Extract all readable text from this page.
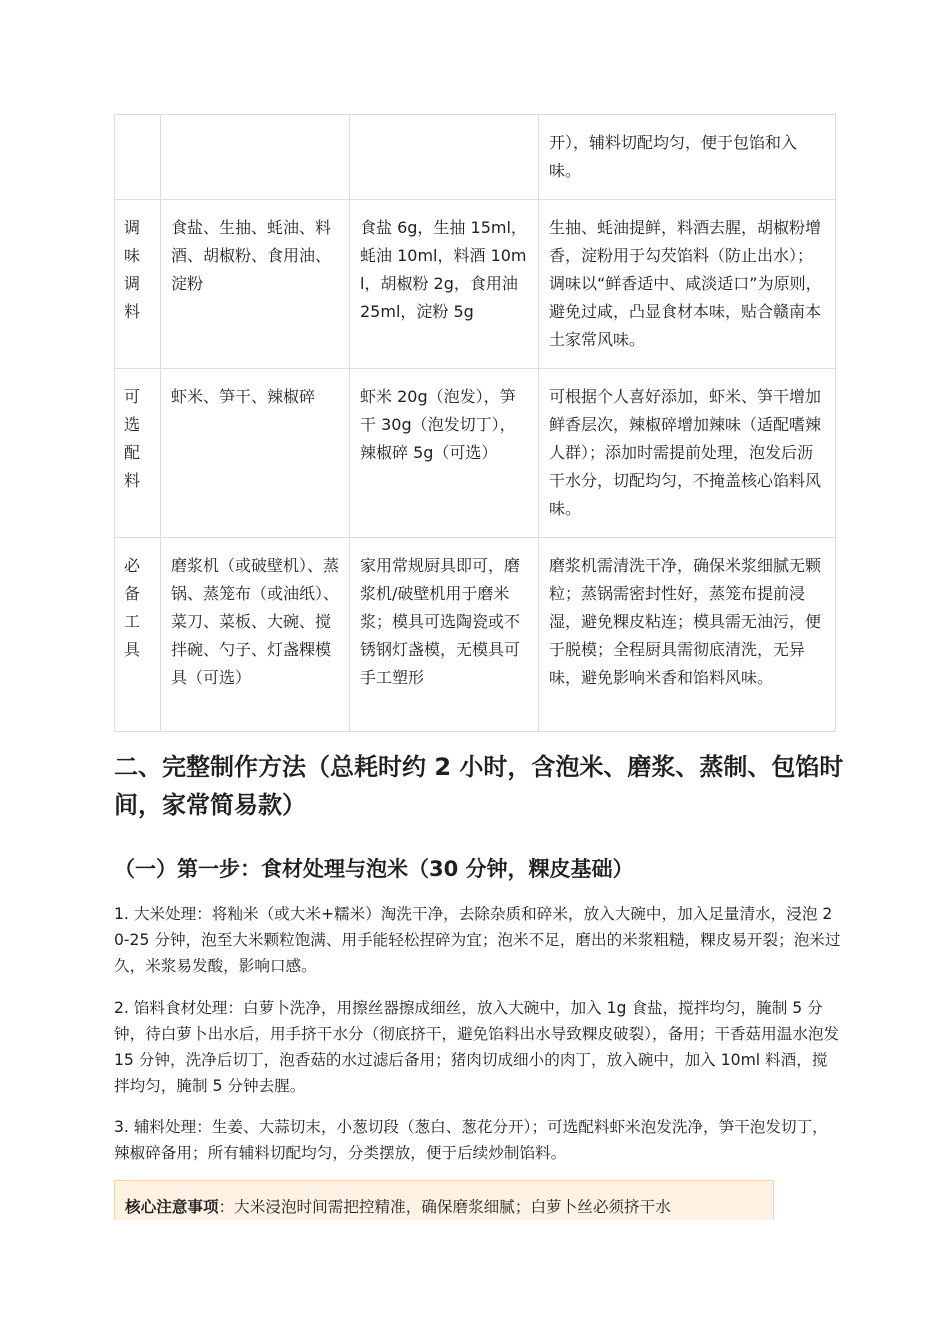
			开），辅料切配均匀，便于包馅和入味。
调味调料	食盐、生抽、蚝油、料酒、胡椒粉、食用油、淀粉	食盐 6g，生抽 15ml，蚝油 10ml，料酒 10ml，胡椒粉 2g，食用油 25ml，淀粉 5g	生抽、蚝油提鲜，料酒去腥，胡椒粉增香，淀粉用于勾芡馅料（防止出水）；调味以“鲜香适中、咸淡适口”为原则，避免过咸，凸显食材本味，贴合赣南本土家常风味。
可选配料	虾米、笋干、辣椒碎	虾米 20g（泡发），笋干 30g（泡发切丁），辣椒碎 5g（可选）	可根据个人喜好添加，虾米、笋干增加鲜香层次，辣椒碎增加辣味（适配嗜辣人群）；添加时需提前处理，泡发后沥干水分，切配均匀，不掩盖核心馅料风味。
必备工具	磨浆机（或破壁机）、蒸锅、蒸笼布（或油纸）、菜刀、菜板、大碗、搅拌碗、勺子、灯盏粿模具（可选）	家用常规厨具即可，磨浆机/破壁机用于磨米浆；模具可选陶瓷或不锈钢灯盏模，无模具可手工塑形	磨浆机需清洗干净，确保米浆细腻无颗粒；蒸锅需密封性好，蒸笼布提前浸湿，避免粿皮粘连；模具需无油污，便于脱模；全程厨具需彻底清洗，无异味，避免影响米香和馅料风味。
二、完整制作方法（总耗时约 2 小时，含泡米、磨浆、蒸制、包馅时间，家常简易款）
（一）第一步：食材处理与泡米（30 分钟，粿皮基础）

1. 大米处理：将籼米（或大米+糯米）淘洗干净，去除杂质和碎米，放入大碗中，加入足量清水，浸泡 20-25 分钟，泡至大米颗粒饱满、用手能轻松捏碎为宜；泡米不足，磨出的米浆粗糙，粿皮易开裂；泡米过久，米浆易发酸，影响口感。

2. 馅料食材处理：白萝卜洗净，用擦丝器擦成细丝，放入大碗中，加入 1g 食盐，搅拌均匀，腌制 5 分钟，待白萝卜出水后，用手挤干水分（彻底挤干，避免馅料出水导致粿皮破裂），备用；干香菇用温水泡发 15 分钟，洗净后切丁，泡香菇的水过滤后备用；猪肉切成细小的肉丁，放入碗中，加入 10ml 料酒，搅拌均匀，腌制 5 分钟去腥。

3. 辅料处理：生姜、大蒜切末，小葱切段（葱白、葱花分开）；可选配料虾米泡发洗净，笋干泡发切丁，辣椒碎备用；所有辅料切配均匀，分类摆放，便于后续炒制馅料。

核心注意事项：大米浸泡时间需把控精准，确保磨浆细腻；白萝卜丝必须挤干水
